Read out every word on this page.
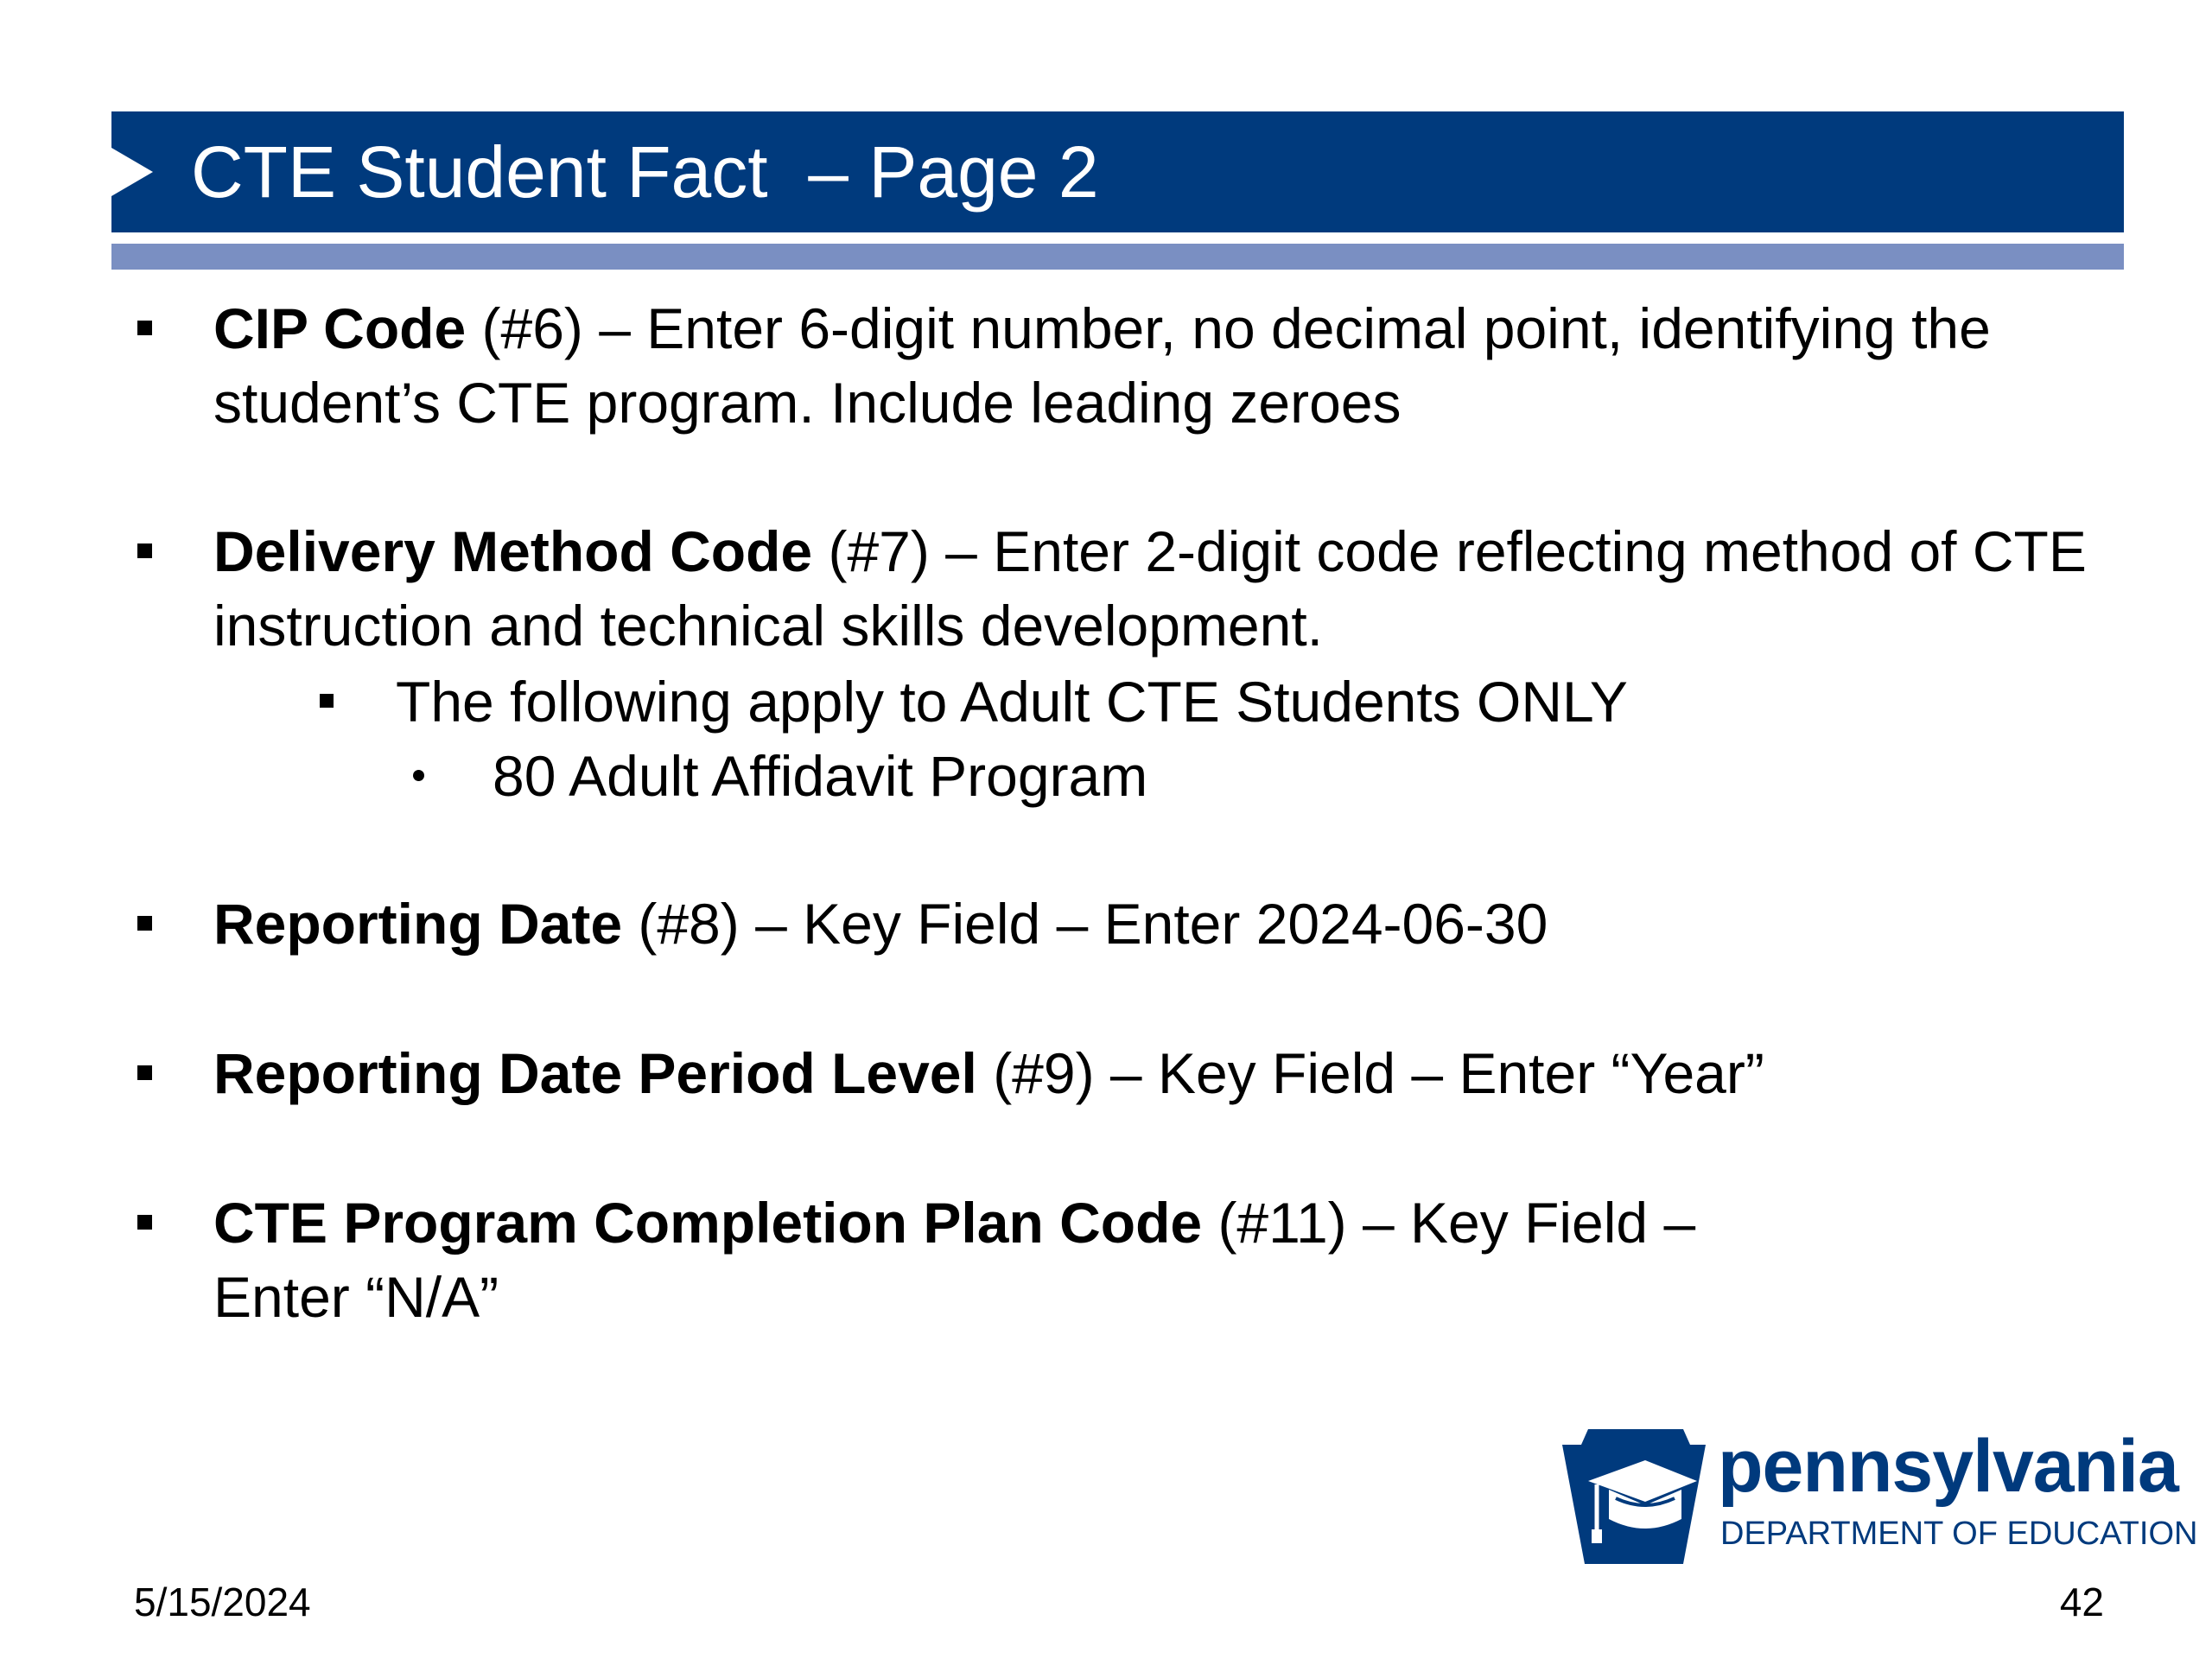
CTE Student Fact  – Page 2
CIP Code (#6) – Enter 6-digit number, no decimal point, identifying the student’s CTE program. Include leading zeroes
Delivery Method Code (#7) – Enter 2-digit code reflecting method of CTE instruction and technical skills development.
The following apply to Adult CTE Students ONLY
80 Adult Affidavit Program
Reporting Date (#8) – Key Field – Enter 2024-06-30
Reporting Date Period Level (#9) – Key Field – Enter “Year”
CTE Program Completion Plan Code (#11) – Key Field –
Enter “N/A”
pennsylvania
DEPARTMENT OF EDUCATION
5/15/2024	42
